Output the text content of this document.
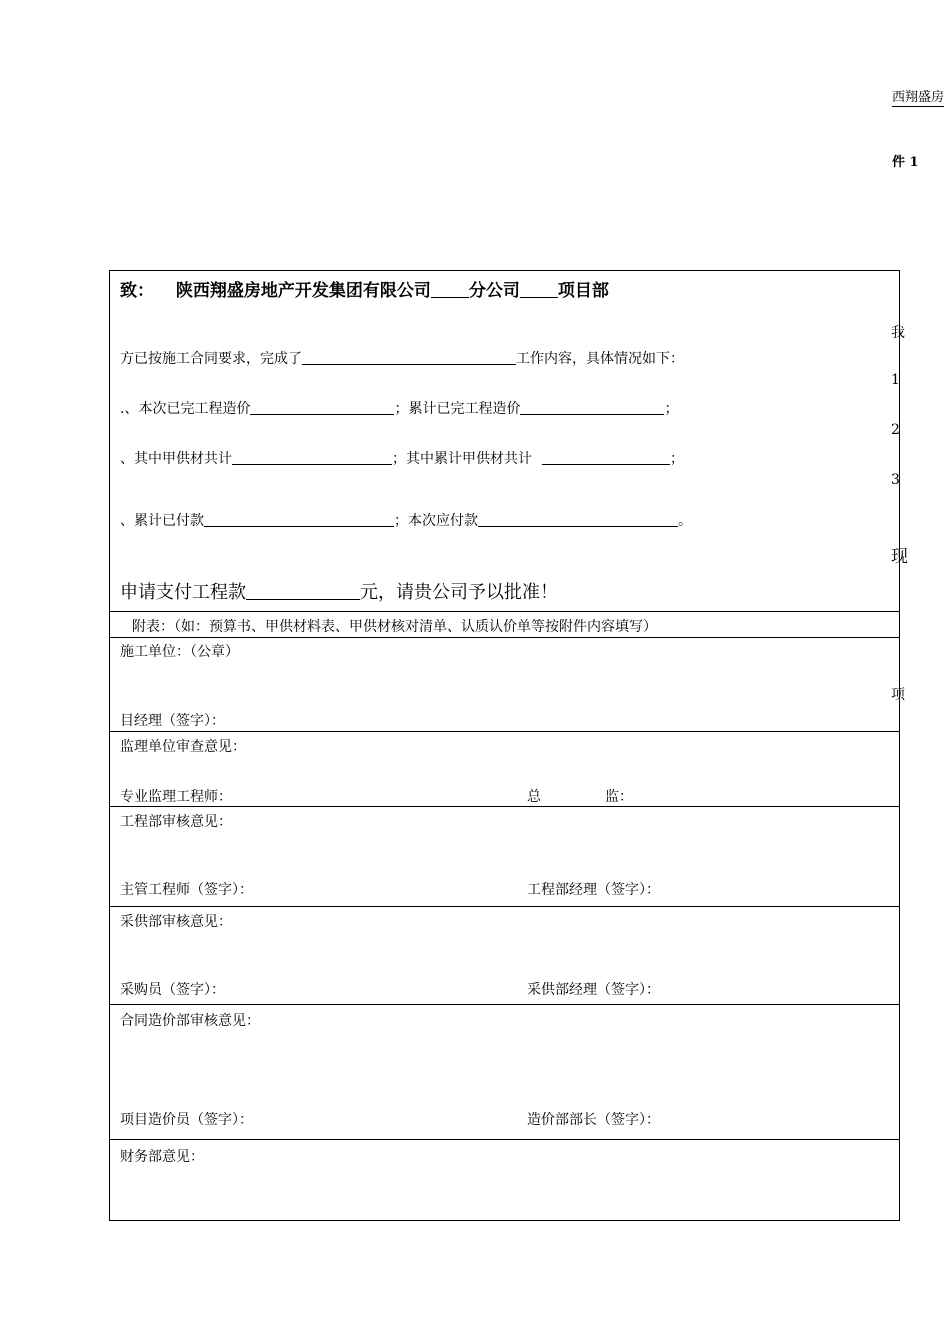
西翔盛房
件 1
我
1
2
3
现
项
致： 陕西翔盛房地产开发集团有限公司 分公司 项目部
方已按施工合同要求，完成了	工作内容，具体情况如下：
.、本次已完工程造价	；累计已完工程造价	；
、其中甲供材共计	；其中累计甲供材共计	；
、累计已付款	；本次应付款	。
申请支付工程款	元，请贵公司予以批准！
附表：（如：预算书、甲供材料表、甲供材核对清单、认质认价单等按附件内容填写）
施工单位：（公章）
目经理（签字）：
监理单位审查意见：
专业监理工程师：	总	监：
工程部审核意见：
主管工程师（签字）：	工程部经理（签字）：
采供部审核意见：
采购员（签字）：	采供部经理（签字）：
合同造价部审核意见：
项目造价员（签字）：	造价部部长（签字）：
财务部意见：
